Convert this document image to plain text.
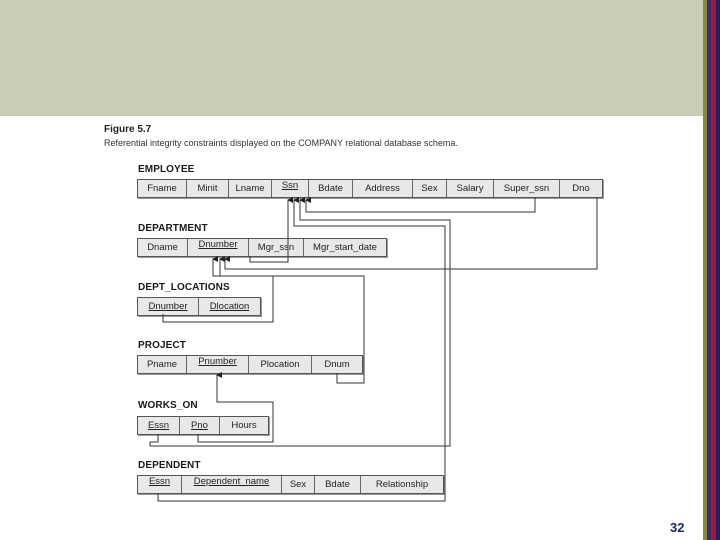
Figure 5.7
Referential integrity constraints displayed on the COMPANY relational database schema.
EMPLOYEE
Fname	Minit	Lname	Ssn	Bdate	Address	Sex	Salary	Super_ssn	Dno
DEPARTMENT
Dname	Dnumber	Mgr_ssn	Mgr_start_date
DEPT_LOCATIONS
Dnumber	Dlocation
PROJECT
Pname	Pnumber	Plocation	Dnum
WORKS_ON
Essn	Pno	Hours
DEPENDENT
Essn	Dependent_name	Sex	Bdate	Relationship
32
